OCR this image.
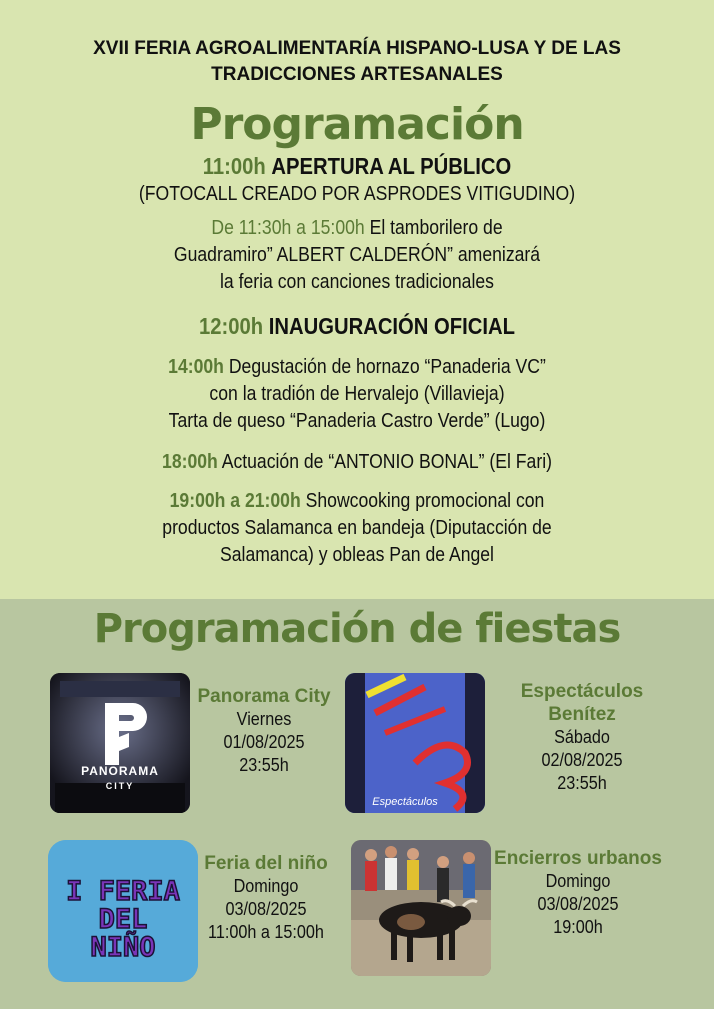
XVII FERIA AGROALIMENTARÍA HISPANO-LUSA Y DE LAS
TRADICCIONES ARTESANALES
Programación
11:00h APERTURA AL PÚBLICO
(FOTOCALL CREADO POR ASPRODES VITIGUDINO)
De 11:30h a 15:00h El tamborilero de
Guadramiro” ALBERT CALDERÓN” amenizará
la feria con canciones tradicionales
12:00h INAUGURACIÓN OFICIAL
14:00h Degustación de hornazo “Panaderia VC”
con la tradión de Hervalejo (Villavieja)
Tarta de queso “Panaderia Castro Verde” (Lugo)
18:00h Actuación de “ANTONIO BONAL” (El Fari)
19:00h a 21:00h Showcooking promocional con
productos Salamanca en bandeja (Diputacción de
Salamanca) y obleas Pan de Angel
Programación de fiestas
PANORAMA
CITY
Panorama City
Viernes
01/08/2025
23:55h
Espectáculos
Espectáculos Benítez
Sábado
02/08/2025
23:55h
I FERIA
DEL
NIÑO
Feria del niño
Domingo
03/08/2025
11:00h a 15:00h
Encierros urbanos
Domingo
03/08/2025
19:00h
